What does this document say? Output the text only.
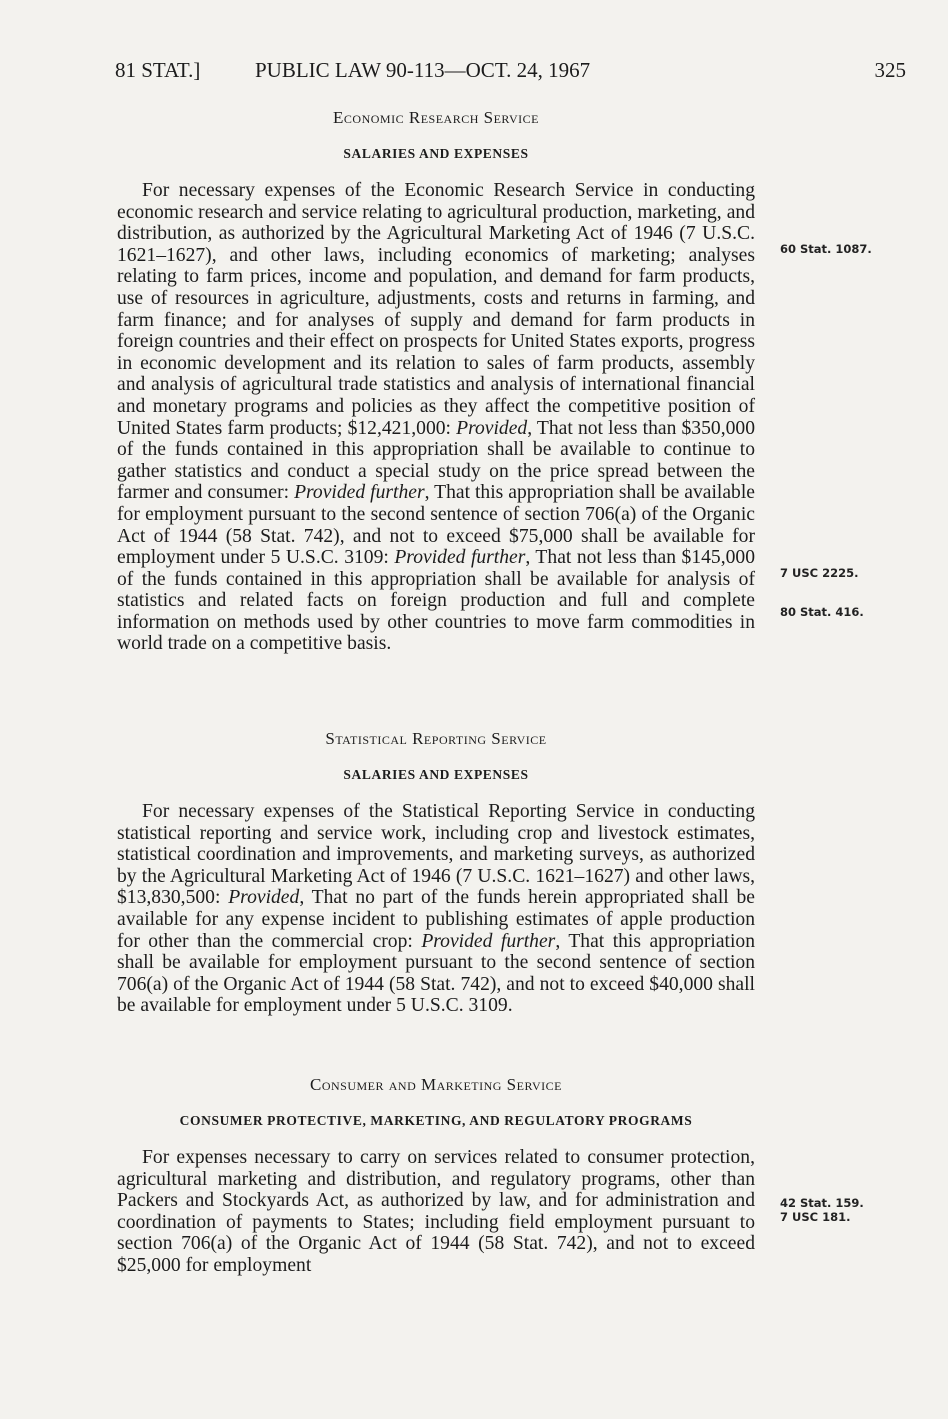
81 STAT.]	PUBLIC LAW 90-113—OCT. 24, 1967	325
Economic Research Service
SALARIES AND EXPENSES

For necessary expenses of the Economic Research Service in conducting economic research and service relating to agricultural production, marketing, and distribution, as authorized by the Agricultural Marketing Act of 1946 (7 U.S.C. 1621–1627), and other laws, including economics of marketing; analyses relating to farm prices, income and population, and demand for farm products, use of resources in agriculture, adjustments, costs and returns in farming, and farm finance; and for analyses of supply and demand for farm products in foreign countries and their effect on prospects for United States exports, progress in economic development and its relation to sales of farm products, assembly and analysis of agricultural trade statistics and analysis of international financial and monetary programs and policies as they affect the competitive position of United States farm products; $12,421,000: Provided, That not less than $350,000 of the funds contained in this appropriation shall be available to continue to gather statistics and conduct a special study on the price spread between the farmer and consumer: Provided further, That this appropriation shall be available for employment pursuant to the second sentence of section 706(a) of the Organic Act of 1944 (58 Stat. 742), and not to exceed $75,000 shall be available for employment under 5 U.S.C. 3109: Provided further, That not less than $145,000 of the funds contained in this appropriation shall be available for analysis of statistics and related facts on foreign production and full and complete information on methods used by other countries to move farm commodities in world trade on a competitive basis.

Statistical Reporting Service
SALARIES AND EXPENSES

For necessary expenses of the Statistical Reporting Service in conducting statistical reporting and service work, including crop and livestock estimates, statistical coordination and improvements, and marketing surveys, as authorized by the Agricultural Marketing Act of 1946 (7 U.S.C. 1621–1627) and other laws, $13,830,500: Provided, That no part of the funds herein appropriated shall be available for any expense incident to publishing estimates of apple production for other than the commercial crop: Provided further, That this appropriation shall be available for employment pursuant to the second sentence of section 706(a) of the Organic Act of 1944 (58 Stat. 742), and not to exceed $40,000 shall be available for employment under 5 U.S.C. 3109.

Consumer and Marketing Service
CONSUMER PROTECTIVE, MARKETING, AND REGULATORY PROGRAMS

For expenses necessary to carry on services related to consumer protection, agricultural marketing and distribution, and regulatory programs, other than Packers and Stockyards Act, as authorized by law, and for administration and coordination of payments to States; including field employment pursuant to section 706(a) of the Organic Act of 1944 (58 Stat. 742), and not to exceed $25,000 for employment

60 Stat. 1087.
7 USC 2225.
80 Stat. 416.
42 Stat. 159.
7 USC 181.
